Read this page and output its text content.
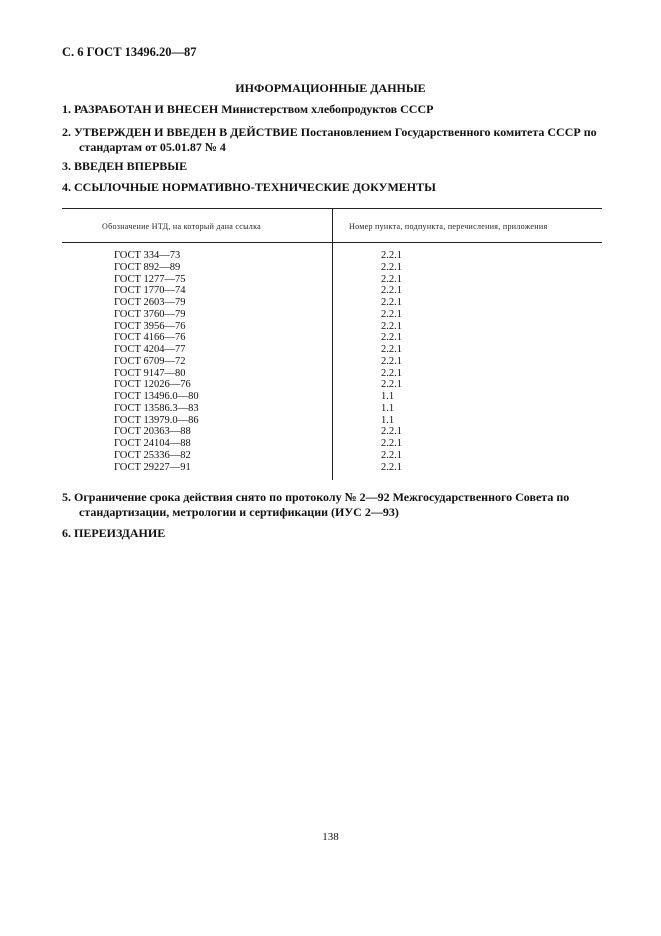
С. 6 ГОСТ 13496.20—87
ИНФОРМАЦИОННЫЕ ДАННЫЕ
1. РАЗРАБОТАН И ВНЕСЕН Министерством хлебопродуктов СССР
2. УТВЕРЖДЕН И ВВЕДЕН В ДЕЙСТВИЕ Постановлением Государственного комитета СССР по стандартам от 05.01.87 № 4
3. ВВЕДЕН ВПЕРВЫЕ
4. ССЫЛОЧНЫЕ НОРМАТИВНО-ТЕХНИЧЕСКИЕ ДОКУМЕНТЫ
Обозначение НТД, на который дана ссылка	Номер пункта, подпункта, перечисления, приложения
ГОСТ 334—73
ГОСТ 892—89
ГОСТ 1277—75
ГОСТ 1770—74
ГОСТ 2603—79
ГОСТ 3760—79
ГОСТ 3956—76
ГОСТ 4166—76
ГОСТ 4204—77
ГОСТ 6709—72
ГОСТ 9147—80
ГОСТ 12026—76
ГОСТ 13496.0—80
ГОСТ 13586.3—83
ГОСТ 13979.0—86
ГОСТ 20363—88
ГОСТ 24104—88
ГОСТ 25336—82
ГОСТ 29227—91
2.2.1
2.2.1
2.2.1
2.2.1
2.2.1
2.2.1
2.2.1
2.2.1
2.2.1
2.2.1
2.2.1
2.2.1
1.1
1.1
1.1
2.2.1
2.2.1
2.2.1
2.2.1
5. Ограничение срока действия снято по протоколу № 2—92 Межгосударственного Совета по стандартизации, метрологии и сертификации (ИУС 2—93)
6. ПЕРЕИЗДАНИЕ
138
